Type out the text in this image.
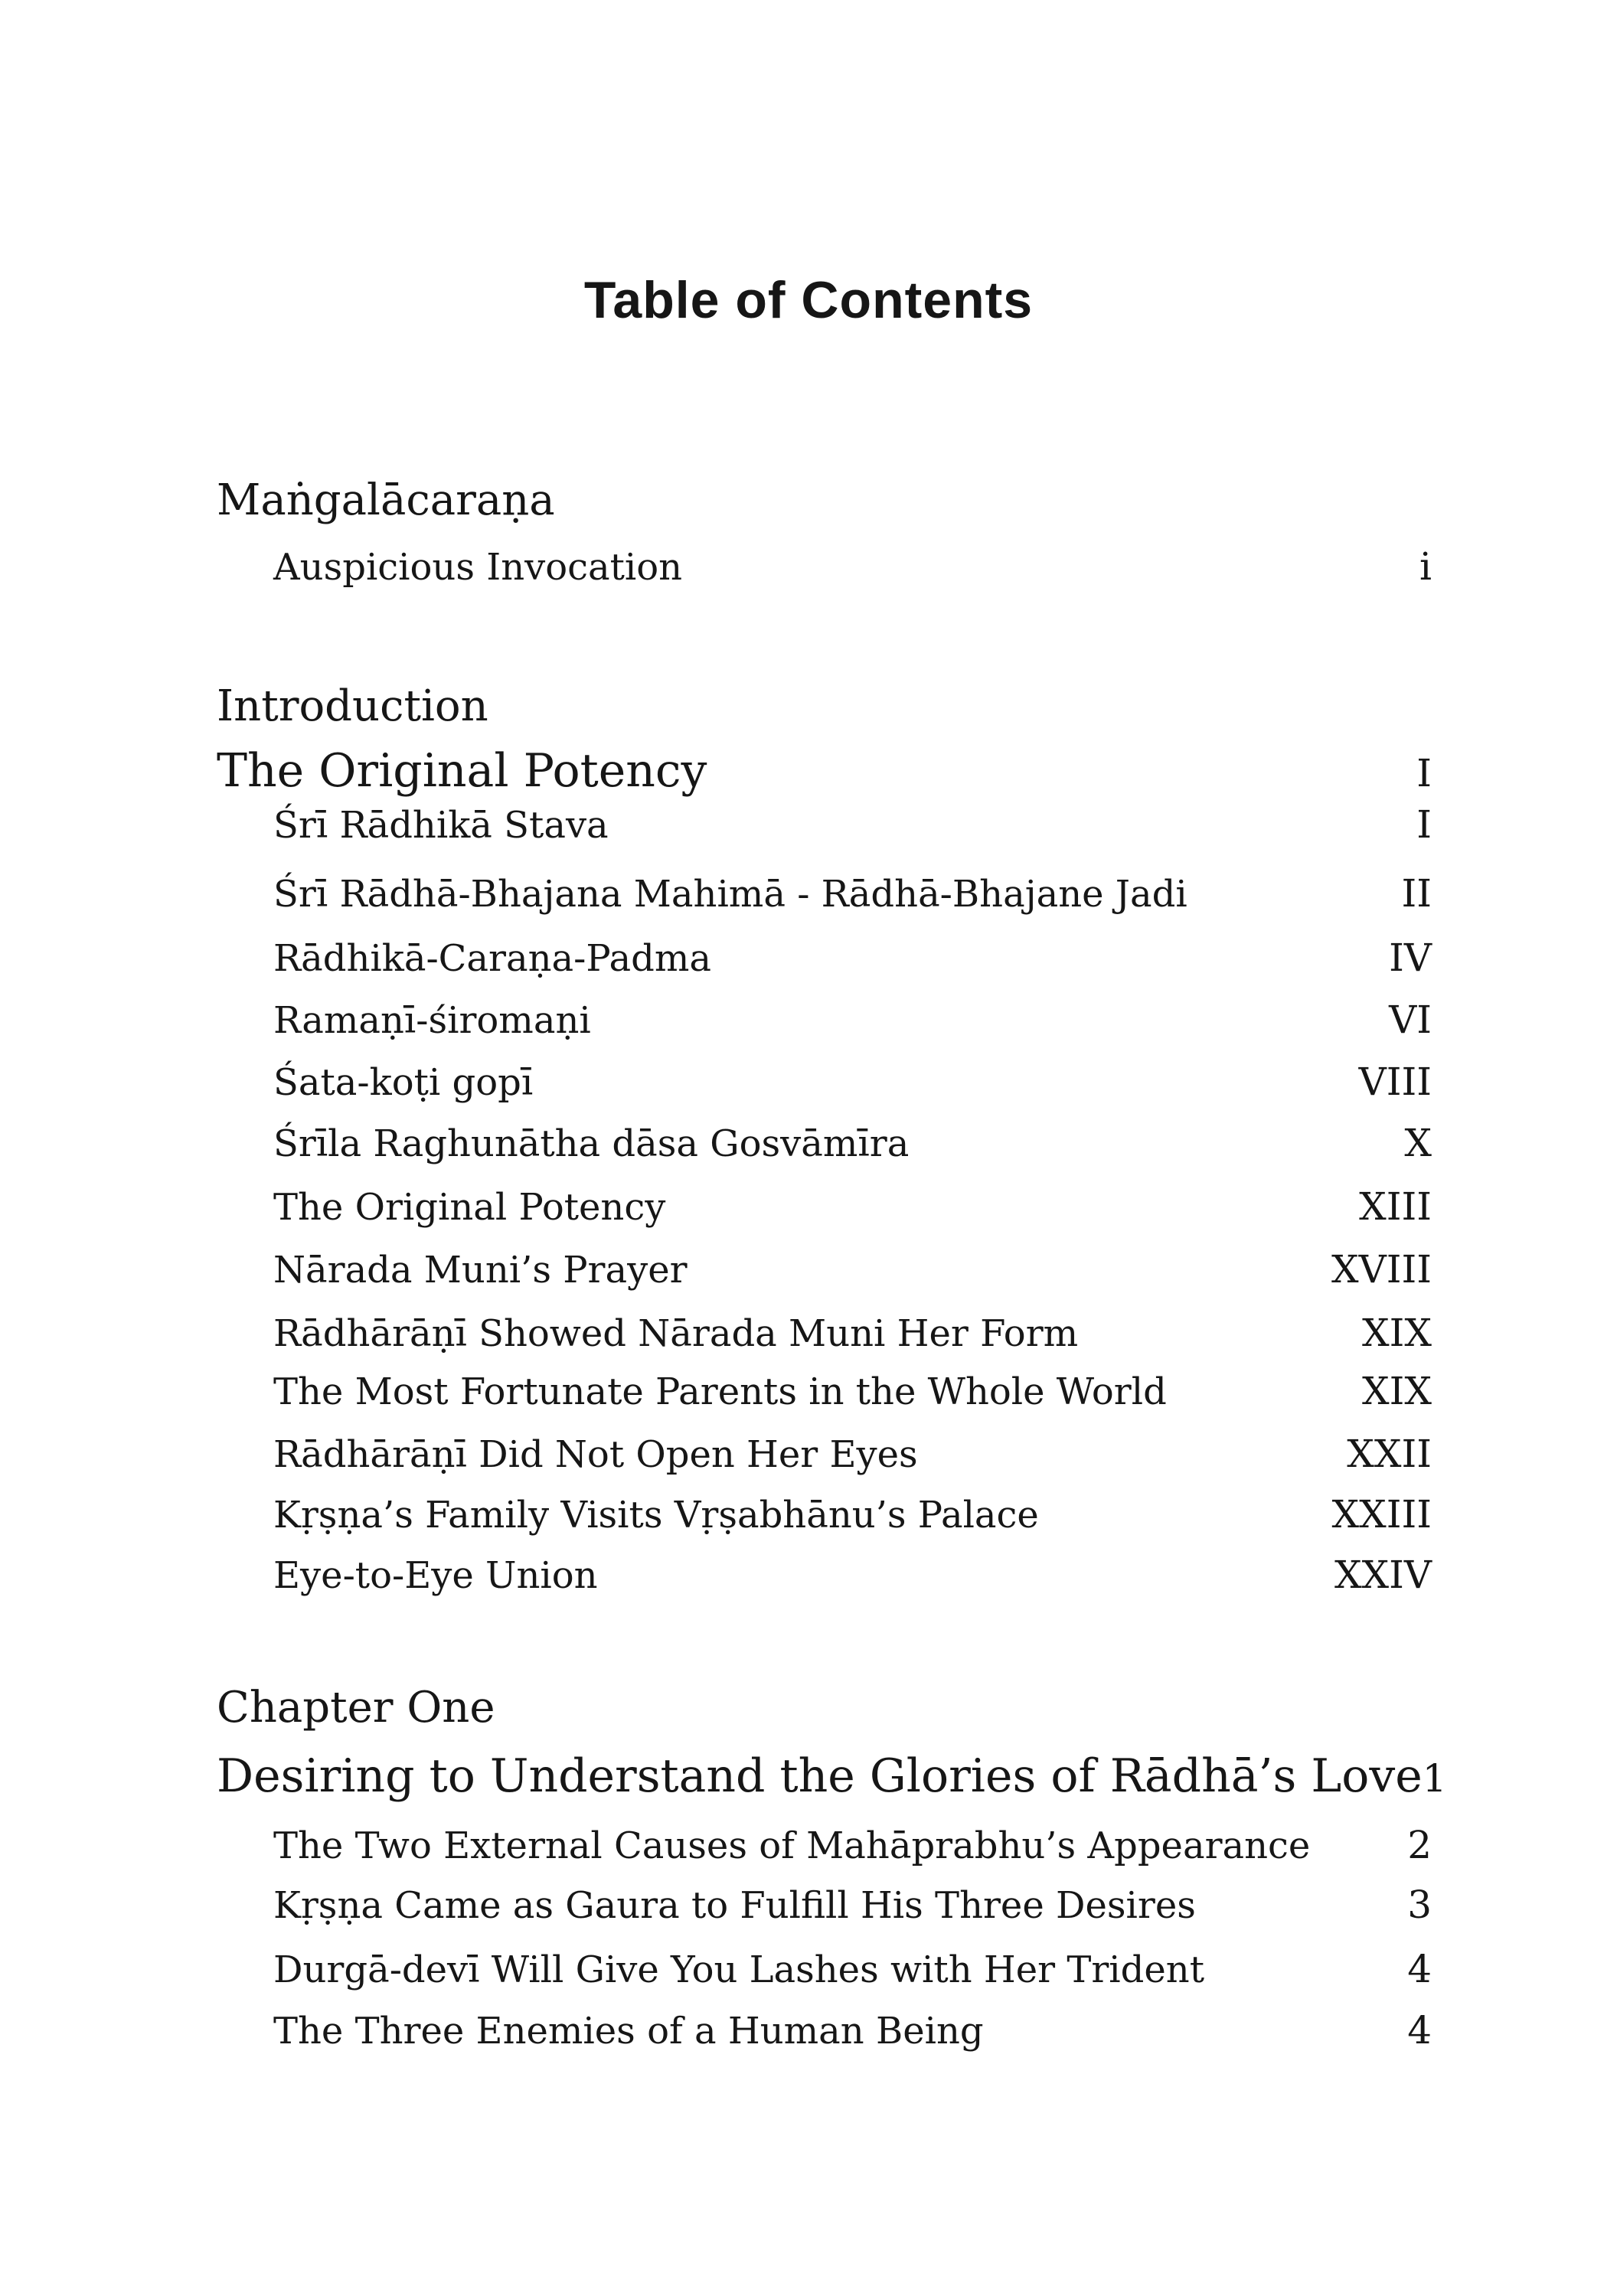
Table of Contents
Maṅgalācaraṇa
Auspicious Invocation	i
Introduction
The Original Potency	I
Śrī Rādhikā Stava	I
Śrī Rādhā-Bhajana Mahimā - Rādhā-Bhajane Jadi	II
Rādhikā-Caraṇa-Padma	IV
Ramaṇī-śiromaṇi	VI
Śata-koṭi gopī	VIII
Śrīla Raghunātha dāsa Gosvāmīra	X
The Original Potency	XIII
Nārada Muni’s Prayer	XVIII
Rādhārāṇī Showed Nārada Muni Her Form	XIX
The Most Fortunate Parents in the Whole World	XIX
Rādhārāṇī Did Not Open Her Eyes	XXII
Kṛṣṇa’s Family Visits Vṛṣabhānu’s Palace	XXIII
Eye-to-Eye Union	XXIV
Chapter One
Desiring to Understand the Glories of Rādhā’s Love 1
The Two External Causes of Mahāprabhu’s Appearance	2
Kṛṣṇa Came as Gaura to Fulfill His Three Desires	3
Durgā-devī Will Give You Lashes with Her Trident	4
The Three Enemies of a Human Being	4
